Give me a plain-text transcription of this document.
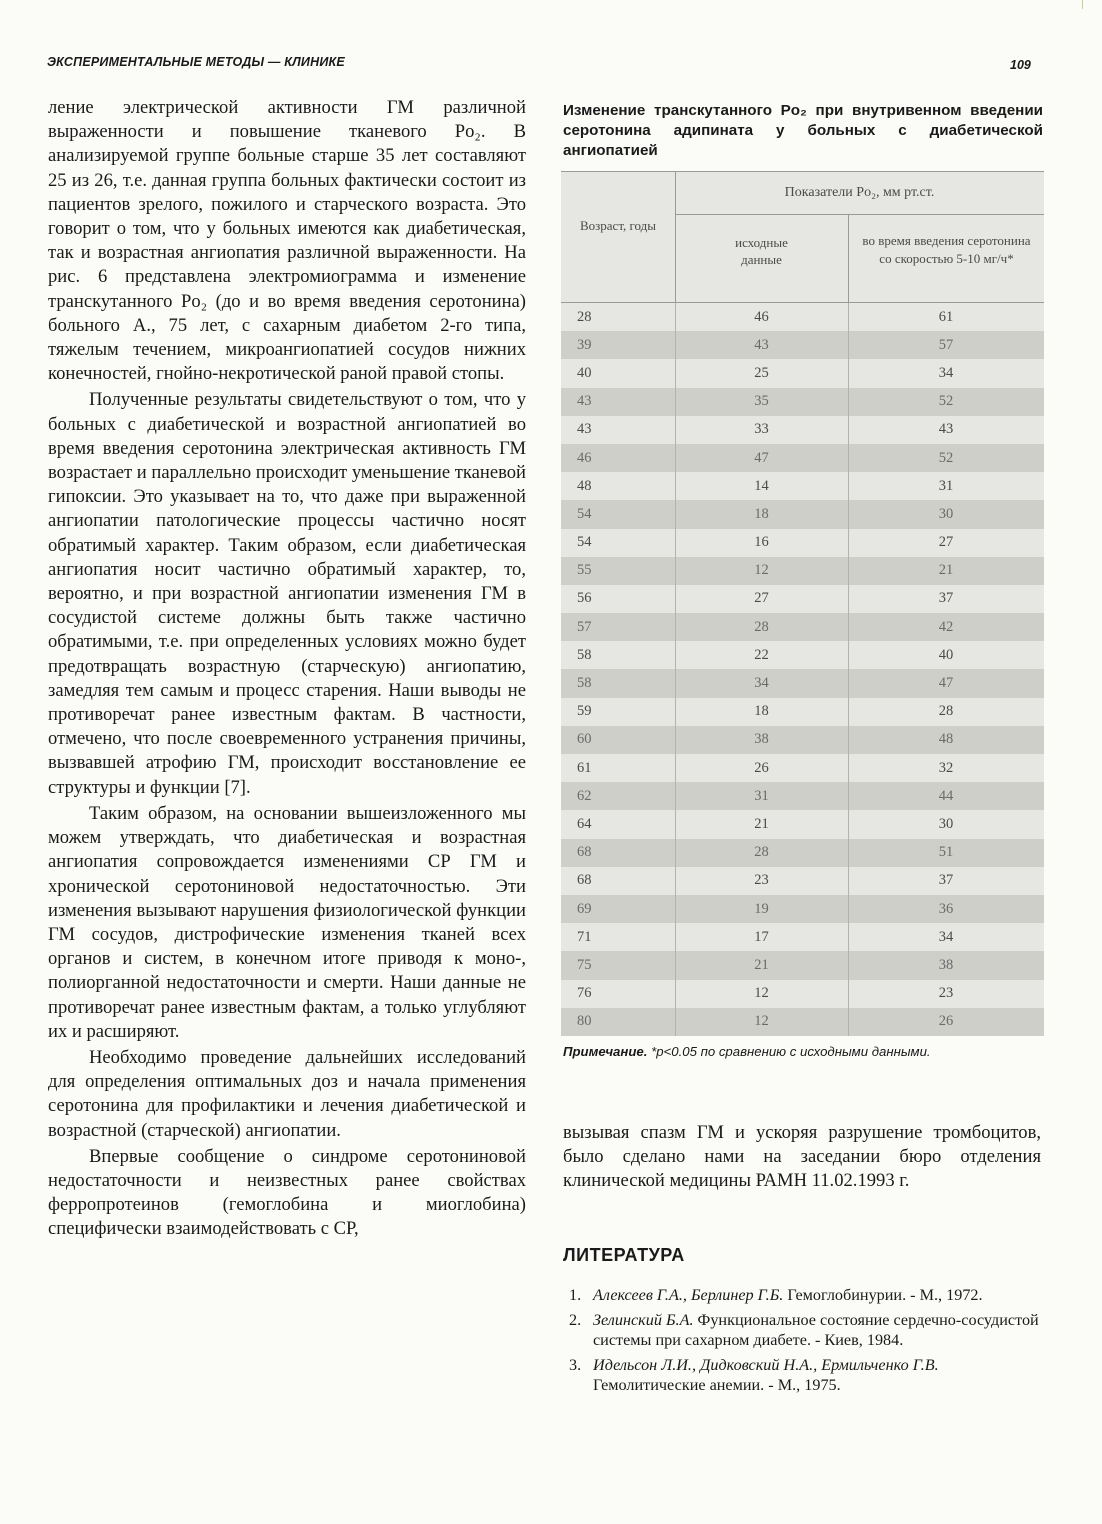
ЭКСПЕРИМЕНТАЛЬНЫЕ МЕТОДЫ — КЛИНИКЕ	109

ление электрической активности ГМ различной выраженности и повышение тканевого Po₂. В анализируемой группе больные старше 35 лет составляют 25 из 26, т.е. данная группа больных фактически состоит из пациентов зрелого, пожилого и старческого возраста. Это говорит о том, что у больных имеются как диабетическая, так и возрастная ангиопатия различной выраженности. На рис. 6 представлена электромиограмма и изменение транскутанного Po₂ (до и во время введения серотонина) больного А., 75 лет, с сахарным диабетом 2-го типа, тяжелым течением, микроангиопатией сосудов нижних конечностей, гнойно-некротической раной правой стопы.

Полученные результаты свидетельствуют о том, что у больных с диабетической и возрастной ангиопатией во время введения серотонина электрическая активность ГМ возрастает и параллельно происходит уменьшение тканевой гипоксии. Это указывает на то, что даже при выраженной ангиопатии патологические процессы частично носят обратимый характер. Таким образом, если диабетическая ангиопатия носит частично обратимый характер, то, вероятно, и при возрастной ангиопатии изменения ГМ в сосудистой системе должны быть также частично обратимыми, т.е. при определенных условиях можно будет предотвращать возрастную (старческую) ангиопатию, замедляя тем самым и процесс старения. Наши выводы не противоречат ранее известным фактам. В частности, отмечено, что после своевременного устранения причины, вызвавшей атрофию ГМ, происходит восстановление ее структуры и функции [7].

Таким образом, на основании вышеизложенного мы можем утверждать, что диабетическая и возрастная ангиопатия сопровождается изменениями СР ГМ и хронической серотониновой недостаточностью. Эти изменения вызывают нарушения физиологической функции ГМ сосудов, дистрофические изменения тканей всех органов и систем, в конечном итоге приводя к моно-, полиорганной недостаточности и смерти. Наши данные не противоречат ранее известным фактам, а только углубляют их и расширяют.

Необходимо проведение дальнейших исследований для определения оптимальных доз и начала применения серотонина для профилактики и лечения диабетической и возрастной (старческой) ангиопатии.

Впервые сообщение о синдроме серотониновой недостаточности и неизвестных ранее свойствах ферропротеинов (гемоглобина и миоглобина) специфически взаимодействовать с СР,

Изменение транскутанного Po₂ при внутривенном введении серотонина адипината у больных с диабетической ангиопатией
Возраст, годы
Показатели Po₂, мм рт.ст.
исходные данные
во время введения серотонина со скоростью 5-10 мг/ч*
28	46	61
39	43	57
40	25	34
43	35	52
43	33	43
46	47	52
48	14	31
54	18	30
54	16	27
55	12	21
56	27	37
57	28	42
58	22	40
58	34	47
59	18	28
60	38	48
61	26	32
62	31	44
64	21	30
68	28	51
68	23	37
69	19	36
71	17	34
75	21	38
76	12	23
80	12	26
Примечание. *p<0.05 по сравнению с исходными данными.

вызывая спазм ГМ и ускоряя разрушение тромбоцитов, было сделано нами на заседании бюро отделения клинической медицины РАМН 11.02.1993 г.

ЛИТЕРАТУРА
1. Алексеев Г.А., Берлинер Г.Б. Гемоглобинурии. - М., 1972.
2. Зелинский Б.А. Функциональное состояние сердечно-сосудистой системы при сахарном диабете. - Киев, 1984.
3. Идельсон Л.И., Дидковский Н.А., Ермильченко Г.В. Гемолитические анемии. - М., 1975.
